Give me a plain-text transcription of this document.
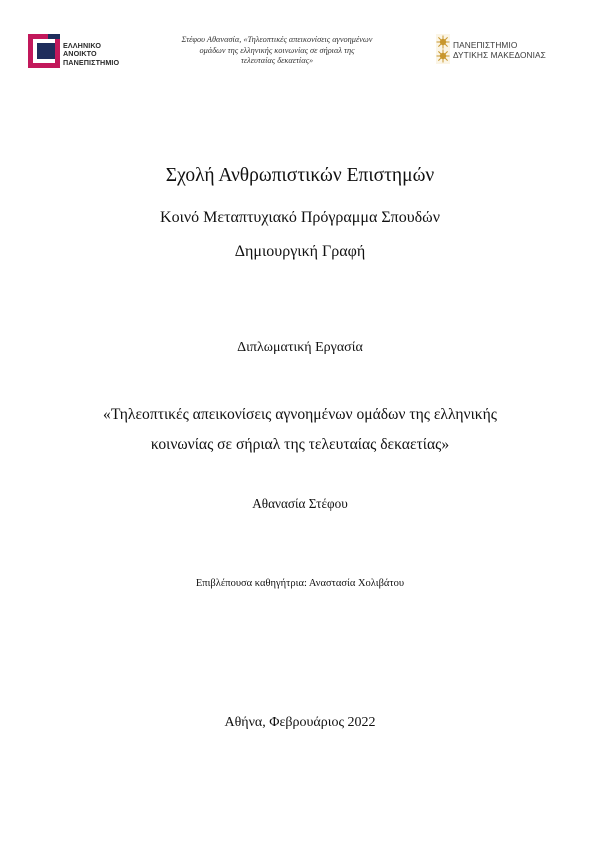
ΕΛΛΗΝΙΚΟ
ΑΝΟΙΚΤΟ
ΠΑΝΕΠΙΣΤΗΜΙΟ
Στέφου Αθανασία, «Τηλεοπτικές απεικονίσεις αγνοημένων
ομάδων της ελληνικής κοινωνίας σε σήριαλ της
τελευταίας δεκαετίας»
ΠΑΝΕΠΙΣΤΗΜΙΟ
ΔΥΤΙΚΗΣ ΜΑΚΕΔΟΝΙΑΣ
Σχολή Ανθρωπιστικών Επιστημών
Κοινό Μεταπτυχιακό Πρόγραμμα Σπουδών
Δημιουργική Γραφή
Διπλωματική Εργασία
«Τηλεοπτικές απεικονίσεις αγνοημένων ομάδων της ελληνικής
κοινωνίας σε σήριαλ της τελευταίας δεκαετίας»
Αθανασία Στέφου
Επιβλέπουσα καθηγήτρια: Αναστασία Χολιβάτου
Αθήνα, Φεβρουάριος 2022
